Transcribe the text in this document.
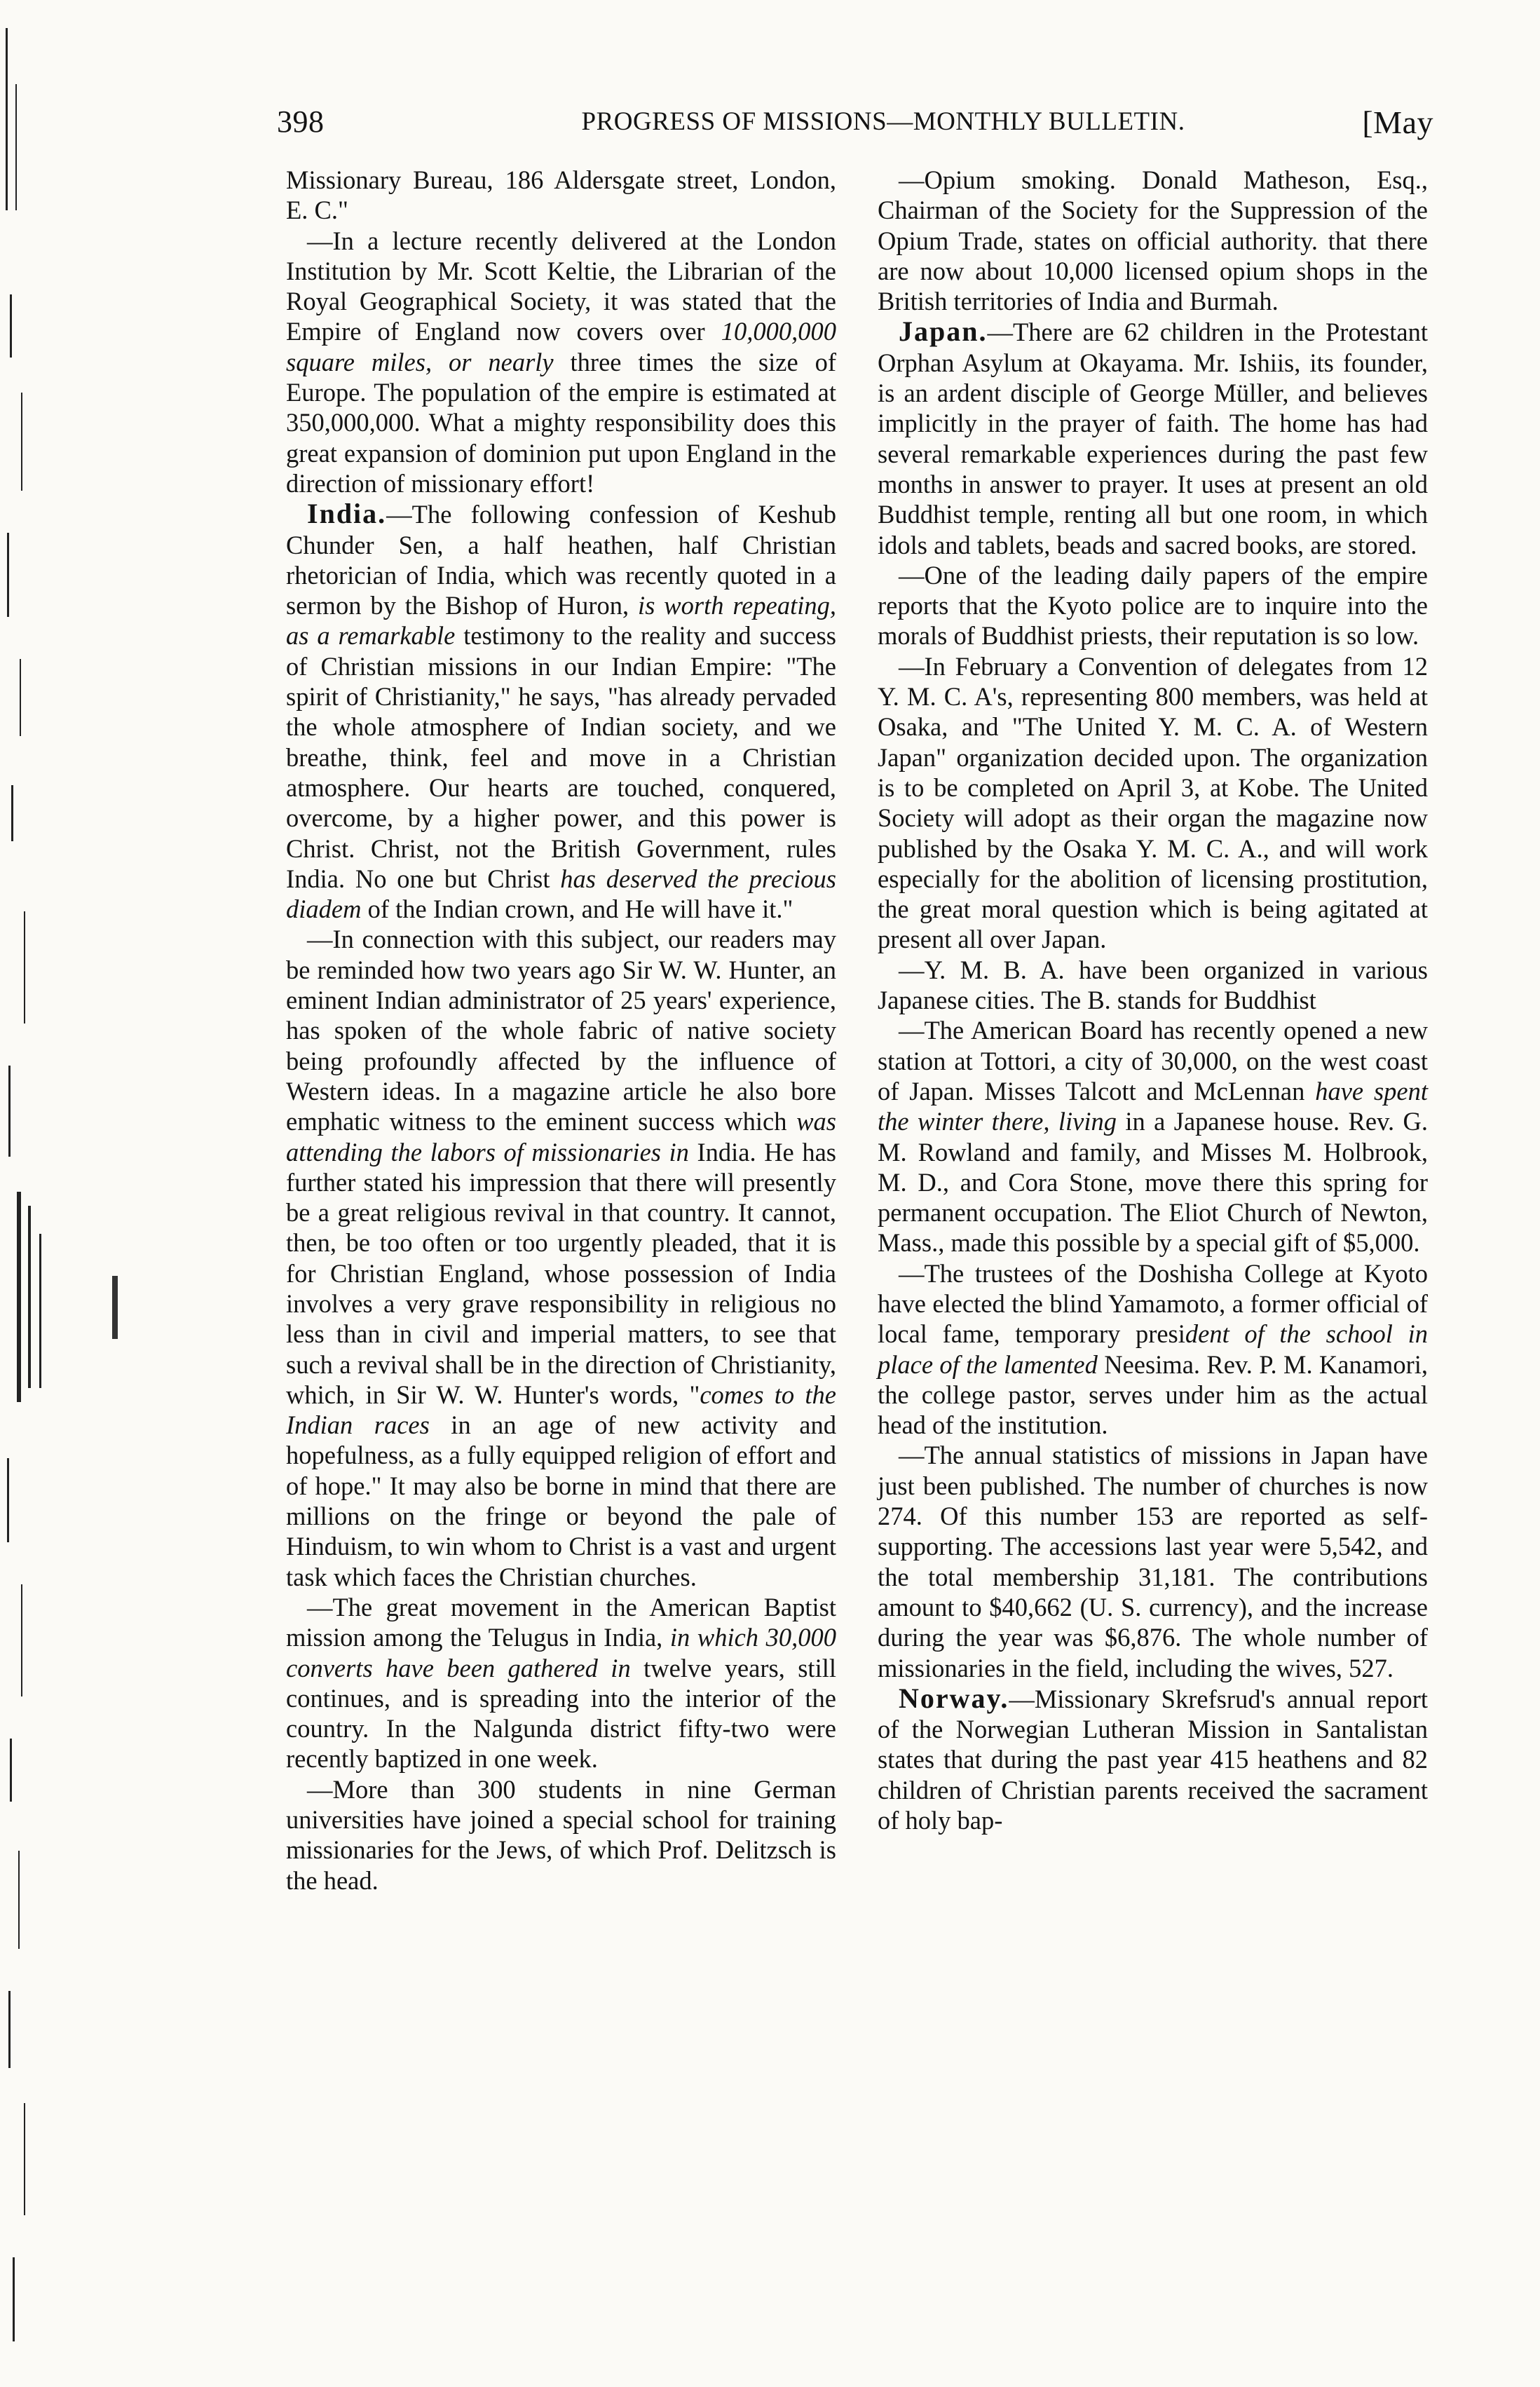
398	PROGRESS OF MISSIONS—MONTHLY BULLETIN.	[May

Missionary Bureau, 186 Aldersgate street, London, E. C."

—In a lecture recently delivered at the London Institution by Mr. Scott Keltie, the Librarian of the Royal Geographical Society, it was stated that the Empire of England now covers over 10,000,000 square miles, or nearly three times the size of Europe. The population of the empire is estimated at 350,000,000. What a mighty responsibility does this great expansion of dominion put upon England in the direction of missionary effort!

India.—The following confession of Keshub Chunder Sen, a half heathen, half Christian rhetorician of India, which was recently quoted in a sermon by the Bishop of Huron, is worth repeating, as a remarkable testimony to the reality and success of Christian missions in our Indian Empire: "The spirit of Christianity," he says, "has already pervaded the whole atmosphere of Indian society, and we breathe, think, feel and move in a Christian atmosphere. Our hearts are touched, conquered, overcome, by a higher power, and this power is Christ. Christ, not the British Government, rules India. No one but Christ has deserved the precious diadem of the Indian crown, and He will have it."

—In connection with this subject, our readers may be reminded how two years ago Sir W. W. Hunter, an eminent Indian administrator of 25 years' experience, has spoken of the whole fabric of native society being profoundly affected by the influence of Western ideas. In a magazine article he also bore emphatic witness to the eminent success which was attending the labors of missionaries in India. He has further stated his impression that there will presently be a great religious revival in that country. It cannot, then, be too often or too urgently pleaded, that it is for Christian England, whose possession of India involves a very grave responsibility in religious no less than in civil and imperial matters, to see that such a revival shall be in the direction of Christianity, which, in Sir W. W. Hunter's words, "comes to the Indian races in an age of new activity and hopefulness, as a fully equipped religion of effort and of hope." It may also be borne in mind that there are millions on the fringe or beyond the pale of Hinduism, to win whom to Christ is a vast and urgent task which faces the Christian churches.

—The great movement in the American Baptist mission among the Telugus in India, in which 30,000 converts have been gathered in twelve years, still continues, and is spreading into the interior of the country. In the Nalgunda district fifty-two were recently baptized in one week.

—More than 300 students in nine German universities have joined a special school for training missionaries for the Jews, of which Prof. Delitzsch is the head.

—Opium smoking. Donald Matheson, Esq., Chairman of the Society for the Suppression of the Opium Trade, states on official authority. that there are now about 10,000 licensed opium shops in the British territories of India and Burmah.

Japan.—There are 62 children in the Protestant Orphan Asylum at Okayama. Mr. Ishiis, its founder, is an ardent disciple of George Müller, and believes implicitly in the prayer of faith. The home has had several remarkable experiences during the past few months in answer to prayer. It uses at present an old Buddhist temple, renting all but one room, in which idols and tablets, beads and sacred books, are stored.

—One of the leading daily papers of the empire reports that the Kyoto police are to inquire into the morals of Buddhist priests, their reputation is so low.

—In February a Convention of delegates from 12 Y. M. C. A's, representing 800 members, was held at Osaka, and "The United Y. M. C. A. of Western Japan" organization decided upon. The organization is to be completed on April 3, at Kobe. The United Society will adopt as their organ the magazine now published by the Osaka Y. M. C. A., and will work especially for the abolition of licensing prostitution, the great moral question which is being agitated at present all over Japan.

—Y. M. B. A. have been organized in various Japanese cities. The B. stands for Buddhist

—The American Board has recently opened a new station at Tottori, a city of 30,000, on the west coast of Japan. Misses Talcott and McLennan have spent the winter there, living in a Japanese house. Rev. G. M. Rowland and family, and Misses M. Holbrook, M. D., and Cora Stone, move there this spring for permanent occupation. The Eliot Church of Newton, Mass., made this possible by a special gift of $5,000.

—The trustees of the Doshisha College at Kyoto have elected the blind Yamamoto, a former official of local fame, temporary president of the school in place of the lamented Neesima. Rev. P. M. Kanamori, the college pastor, serves under him as the actual head of the institution.

—The annual statistics of missions in Japan have just been published. The number of churches is now 274. Of this number 153 are reported as self-supporting. The accessions last year were 5,542, and the total membership 31,181. The contributions amount to $40,662 (U. S. currency), and the increase during the year was $6,876. The whole number of missionaries in the field, including the wives, 527.

Norway.—Missionary Skrefsrud's annual report of the Norwegian Lutheran Mission in Santalistan states that during the past year 415 heathens and 82 children of Christian parents received the sacrament of holy bap-
